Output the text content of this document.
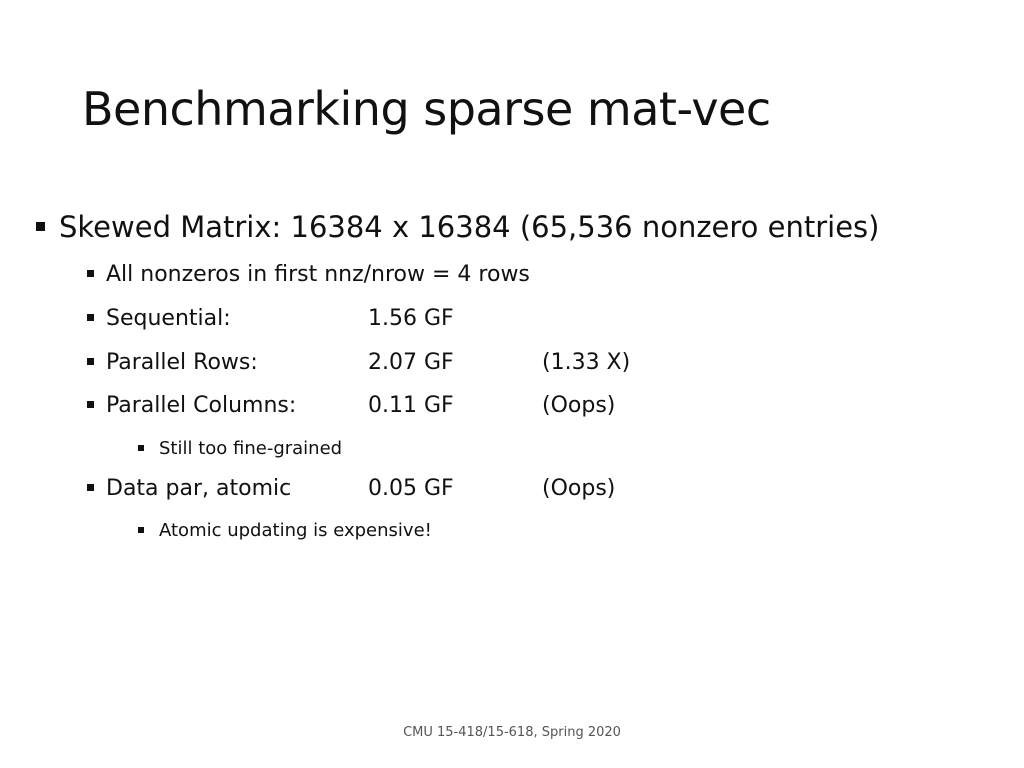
Benchmarking sparse mat-vec
Skewed Matrix: 16384 x 16384 (65,536 nonzero entries)
All nonzeros in first nnz/nrow = 4 rows
Sequential:	1.56 GF
Parallel Rows:	2.07 GF	(1.33 X)
Parallel Columns:	0.11 GF	(Oops)
Still too fine-grained
Data par, atomic	0.05 GF	(Oops)
Atomic updating is expensive!
CMU 15-418/15-618, Spring 2020
